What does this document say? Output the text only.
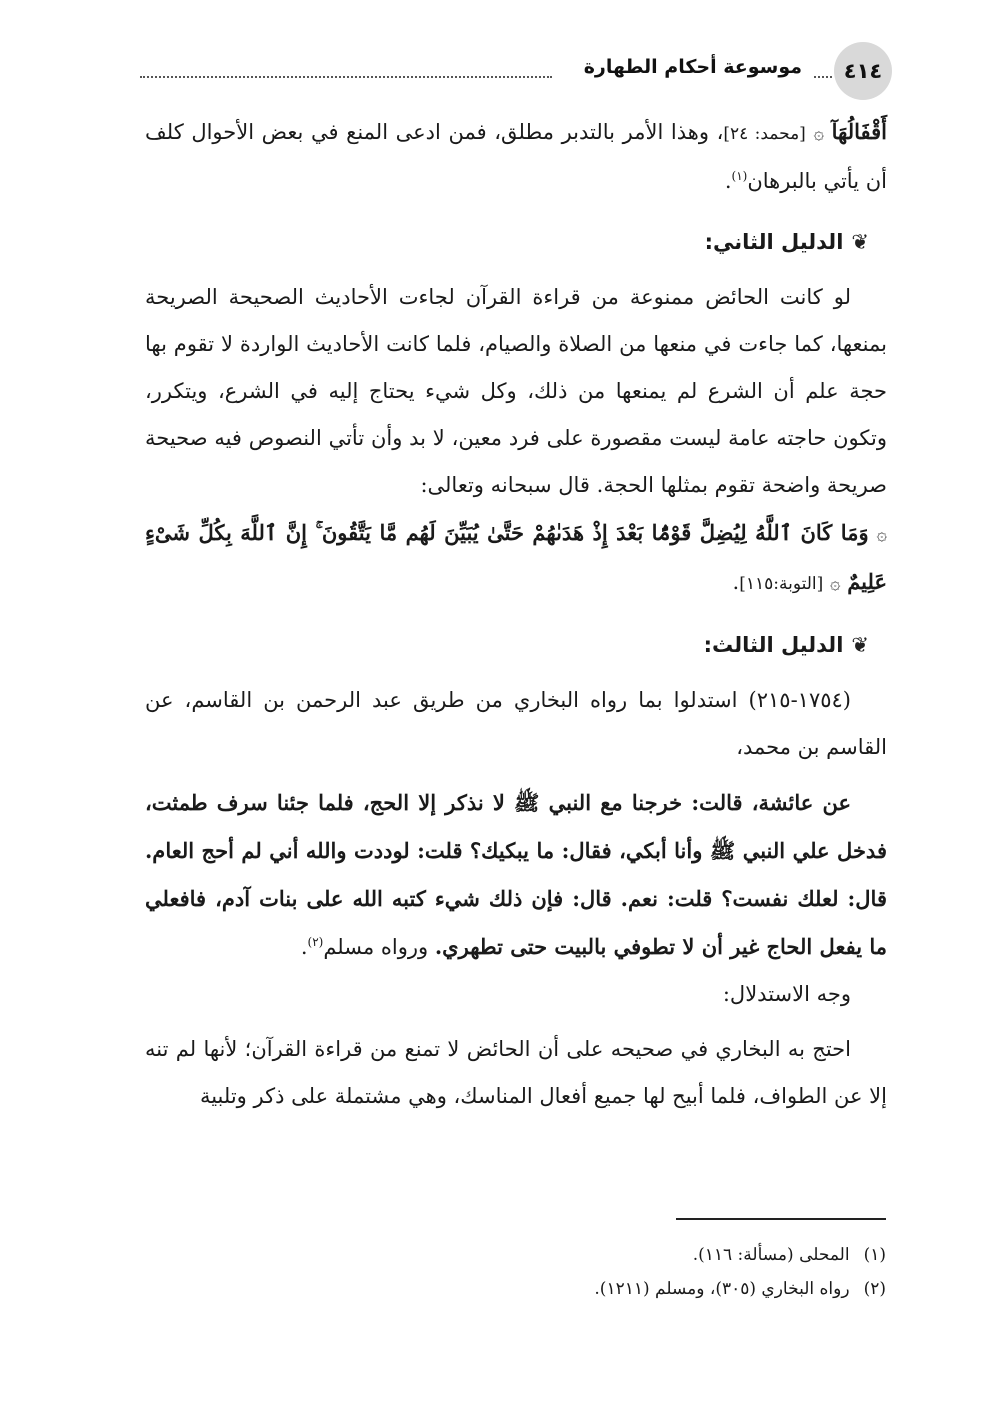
٤١٤
موسوعة أحكام الطهارة

أَقْفَالُهَآ ۞ [محمد: ٢٤]، وهذا الأمر بالتدبر مطلق، فمن ادعى المنع في بعض الأحوال كلف أن يأتي بالبرهان$^{(١)}$.

❦الدليل الثاني:

لو كانت الحائض ممنوعة من قراءة القرآن لجاءت الأحاديث الصحيحة الصريحة بمنعها، كما جاءت في منعها من الصلاة والصيام، فلما كانت الأحاديث الواردة لا تقوم بها حجة علم أن الشرع لم يمنعها من ذلك، وكل شيء يحتاج إليه في الشرع، ويتكرر، وتكون حاجته عامة ليست مقصورة على فرد معين، لا بد وأن تأتي النصوص فيه صحيحة صريحة واضحة تقوم بمثلها الحجة. قال سبحانه وتعالى:

۞ وَمَا كَانَ ٱللَّهُ لِيُضِلَّ قَوْمًۢا بَعْدَ إِذْ هَدَىٰهُمْ حَتَّىٰ يُبَيِّنَ لَهُم مَّا يَتَّقُونَ ۚ إِنَّ ٱللَّهَ بِكُلِّ شَىْءٍ عَلِيمٌ ۞ [التوبة:١١٥].

❦الدليل الثالث:

(١٧٥٤-٢١٥) استدلوا بما رواه البخاري من طريق عبد الرحمن بن القاسم، عن القاسم بن محمد،

عن عائشة، قالت: خرجنا مع النبي ﷺ لا نذكر إلا الحج، فلما جئنا سرف طمثت، فدخل علي النبي ﷺ وأنا أبكي، فقال: ما يبكيك؟ قلت: لوددت والله أني لم أحج العام. قال: لعلك نفست؟ قلت: نعم. قال: فإن ذلك شيء كتبه الله على بنات آدم، فافعلي ما يفعل الحاج غير أن لا تطوفي بالبيت حتى تطهري. ورواه مسلم$^{(٢)}$.

وجه الاستدلال:

احتج به البخاري في صحيحه على أن الحائض لا تمنع من قراءة القرآن؛ لأنها لم تنه إلا عن الطواف، فلما أبيح لها جميع أفعال المناسك، وهي مشتملة على ذكر وتلبية

(١)المحلى (مسألة: ١١٦).
(٢)رواه البخاري (٣٠٥)، ومسلم (١٢١١).
